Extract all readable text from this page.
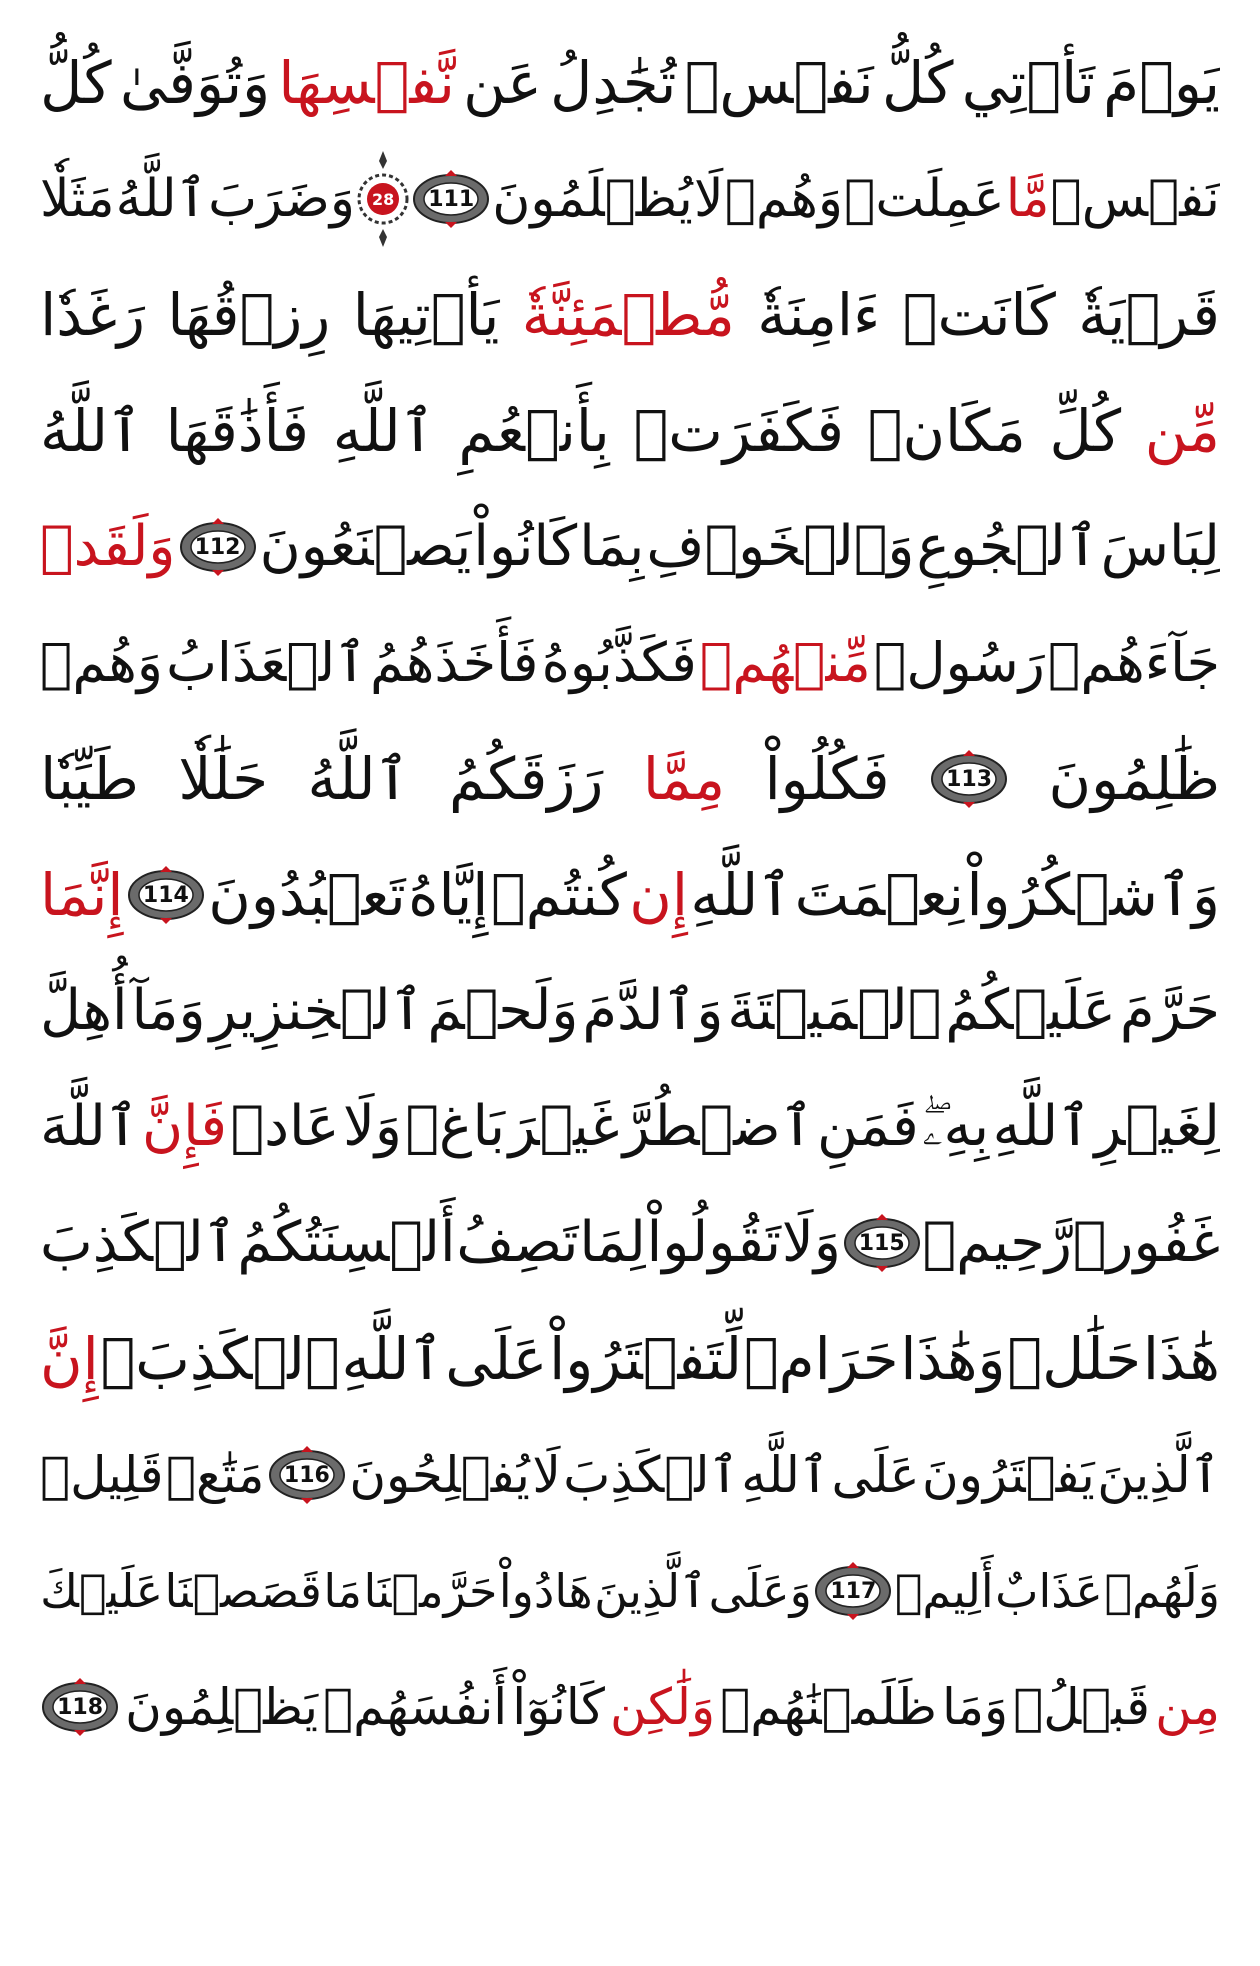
يَوۡمَ
تَأۡتِي
كُلُّ
نَفۡسٖ
تُجَٰدِلُ
عَن
نَّفۡسِهَا
وَتُوَفَّىٰ
كُلُّ
نَفۡسٖ
مَّا
عَمِلَتۡ
وَهُمۡ
لَا
يُظۡلَمُونَ
111
28
وَضَرَبَ
ٱللَّهُ
مَثَلٗا
قَرۡيَةٗ
كَانَتۡ
ءَامِنَةٗ
مُّطۡمَئِنَّةٗ
يَأۡتِيهَا
رِزۡقُهَا
رَغَدٗا
مِّن
كُلِّ
مَكَانٖ
فَكَفَرَتۡ
بِأَنۡعُمِ
ٱللَّهِ
فَأَذَٰقَهَا
ٱللَّهُ
لِبَاسَ
ٱلۡجُوعِ
وَٱلۡخَوۡفِ
بِمَا
كَانُواْ
يَصۡنَعُونَ
112
وَلَقَدۡ
جَآءَهُمۡ
رَسُولٞ
مِّنۡهُمۡ
فَكَذَّبُوهُ
فَأَخَذَهُمُ
ٱلۡعَذَابُ
وَهُمۡ
ظَٰلِمُونَ
113
فَكُلُواْ
مِمَّا
رَزَقَكُمُ
ٱللَّهُ
حَلَٰلٗا
طَيِّبٗا
وَٱشۡكُرُواْ
نِعۡمَتَ
ٱللَّهِ
إِن
كُنتُمۡ
إِيَّاهُ
تَعۡبُدُونَ
114
إِنَّمَا
حَرَّمَ
عَلَيۡكُمُ
ٱلۡمَيۡتَةَ
وَٱلدَّمَ
وَلَحۡمَ
ٱلۡخِنزِيرِ
وَمَآ
أُهِلَّ
لِغَيۡرِ
ٱللَّهِ
بِهِۦۖ
فَمَنِ
ٱضۡطُرَّ
غَيۡرَ
بَاغٖ
وَلَا
عَادٖ
فَإِنَّ
ٱللَّهَ
غَفُورٞ
رَّحِيمٞ
115
وَلَا
تَقُولُواْ
لِمَا
تَصِفُ
أَلۡسِنَتُكُمُ
ٱلۡكَذِبَ
هَٰذَا
حَلَٰلٞ
وَهَٰذَا
حَرَامٞ
لِّتَفۡتَرُواْ
عَلَى
ٱللَّهِ
ٱلۡكَذِبَۚ
إِنَّ
ٱلَّذِينَ
يَفۡتَرُونَ
عَلَى
ٱللَّهِ
ٱلۡكَذِبَ
لَا
يُفۡلِحُونَ
116
مَتَٰعٞ
قَلِيلٞ
وَلَهُمۡ
عَذَابٌ
أَلِيمٞ
117
وَعَلَى
ٱلَّذِينَ
هَادُواْ
حَرَّمۡنَا
مَا
قَصَصۡنَا
عَلَيۡكَ
مِن
قَبۡلُۖ
وَمَا
ظَلَمۡنَٰهُمۡ
وَلَٰكِن
كَانُوٓاْ
أَنفُسَهُمۡ
يَظۡلِمُونَ
118
